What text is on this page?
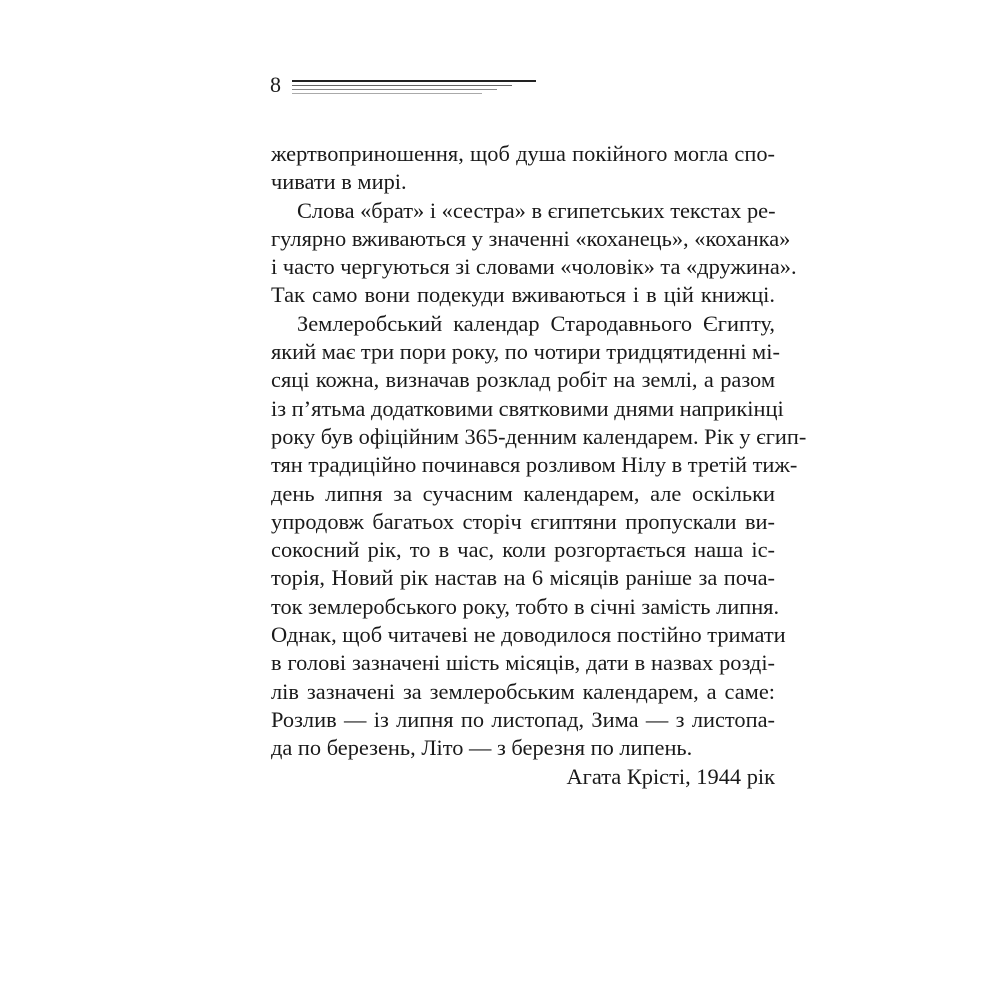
8
жертвоприношення, щоб душа покійного могла спо-
чивати в мирі.
Слова «брат» і «сестра» в єгипетських текстах ре-
гулярно вживаються у значенні «коханець», «коханка»
і часто чергуються зі словами «чоловік» та «дружина».
Так само вони подекуди вживаються і в цій книжці.
Землеробський календар Стародавнього Єгипту,
який має три пори року, по чотири тридцятиденні мі-
сяці кожна, визначав розклад робіт на землі, а разом
із п’ятьма додатковими святковими днями наприкінці
року був офіційним 365-денним календарем. Рік у єгип-
тян традиційно починався розливом Нілу в третій тиж-
день липня за сучасним календарем, але оскільки
упродовж багатьох сторіч єгиптяни пропускали ви-
сокосний рік, то в час, коли розгортається наша іс-
торія, Новий рік настав на 6 місяців раніше за поча-
ток землеробського року, тобто в січні замість липня.
Однак, щоб читачеві не доводилося постійно тримати
в голові зазначені шість місяців, дати в назвах розді-
лів зазначені за землеробським календарем, а саме:
Розлив — із липня по листопад, Зима — з листопа-
да по березень, Літо — з березня по липень.
Агата Крісті, 1944 рік
